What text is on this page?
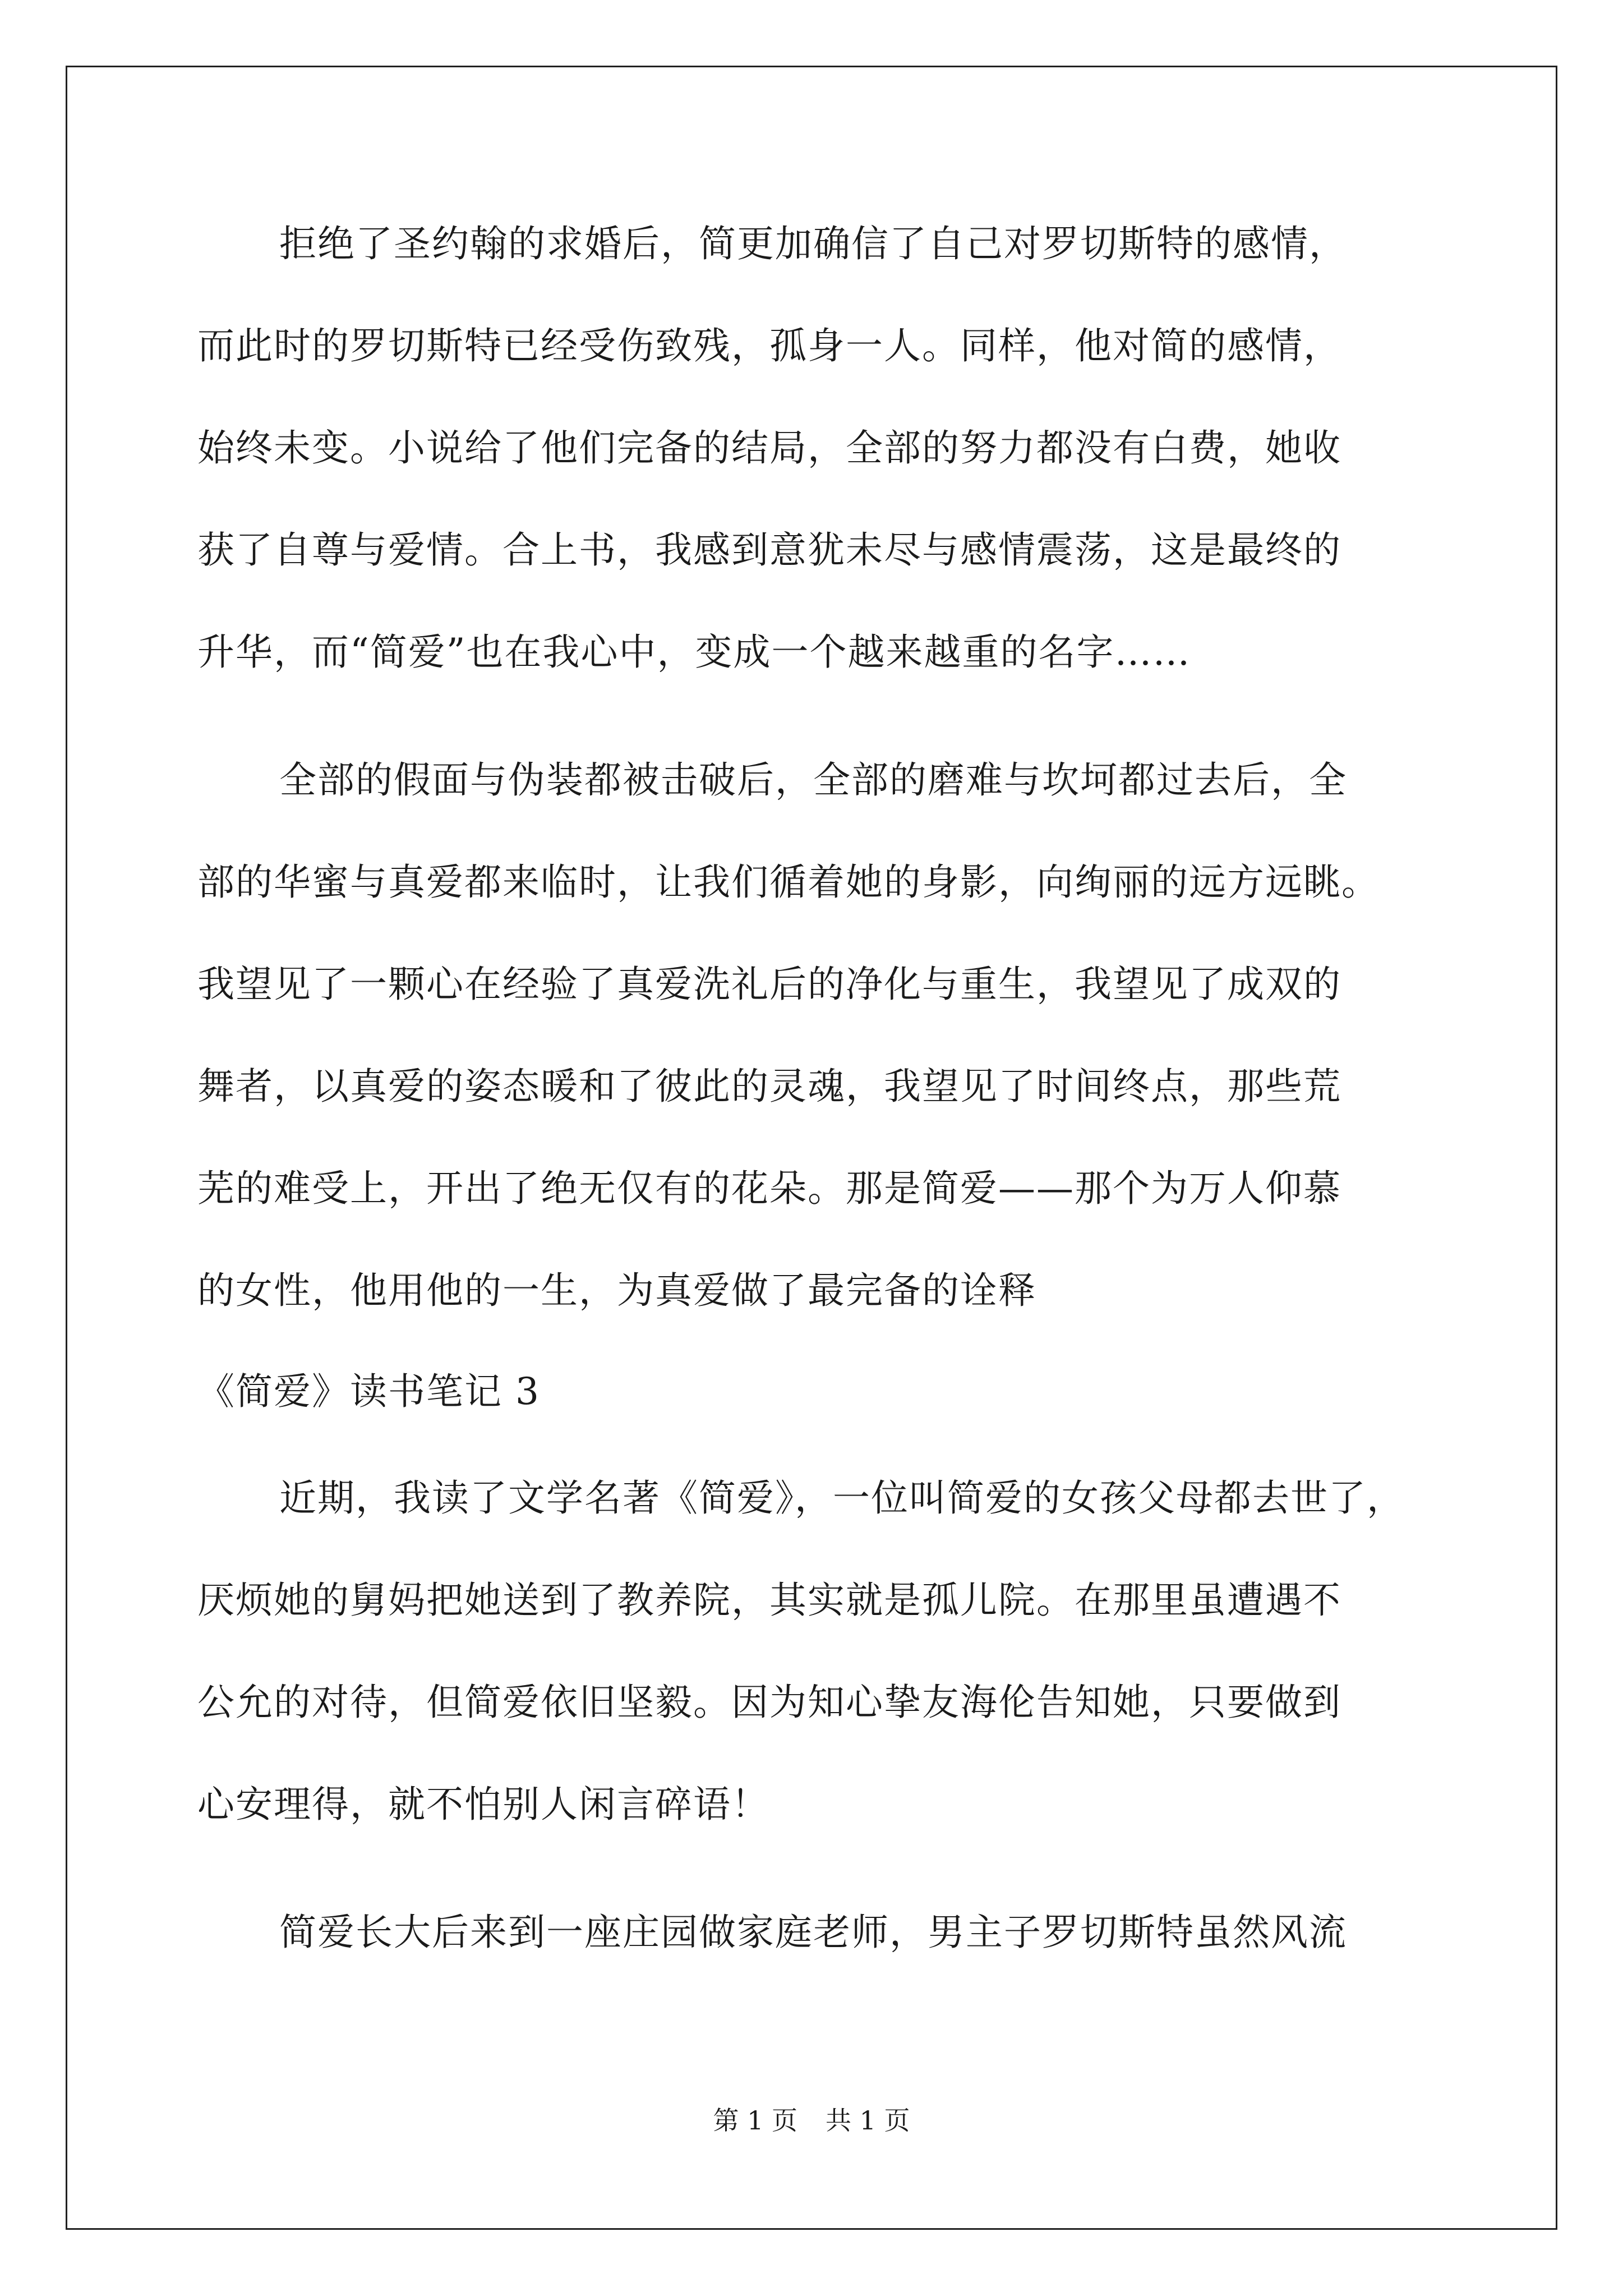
拒绝了圣约翰的求婚后，简更加确信了自己对罗切斯特的感情，
而此时的罗切斯特已经受伤致残，孤身一人。同样，他对简的感情，
始终未变。小说给了他们完备的结局，全部的努力都没有白费，她收
获了自尊与爱情。合上书，我感到意犹未尽与感情震荡，这是最终的
升华，而“简爱”也在我心中，变成一个越来越重的名字……
全部的假面与伪装都被击破后，全部的磨难与坎坷都过去后，全
部的华蜜与真爱都来临时，让我们循着她的身影，向绚丽的远方远眺。
我望见了一颗心在经验了真爱洗礼后的净化与重生，我望见了成双的
舞者，以真爱的姿态暖和了彼此的灵魂，我望见了时间终点，那些荒
芜的难受上，开出了绝无仅有的花朵。那是简爱——那个为万人仰慕
的女性，他用他的一生，为真爱做了最完备的诠释
《简爱》读书笔记 3
近期，我读了文学名著《简爱》，一位叫简爱的女孩父母都去世了，
厌烦她的舅妈把她送到了教养院，其实就是孤儿院。在那里虽遭遇不
公允的对待，但简爱依旧坚毅。因为知心挚友海伦告知她，只要做到
心安理得，就不怕别人闲言碎语！
简爱长大后来到一座庄园做家庭老师，男主子罗切斯特虽然风流
第 1 页 共 1 页
